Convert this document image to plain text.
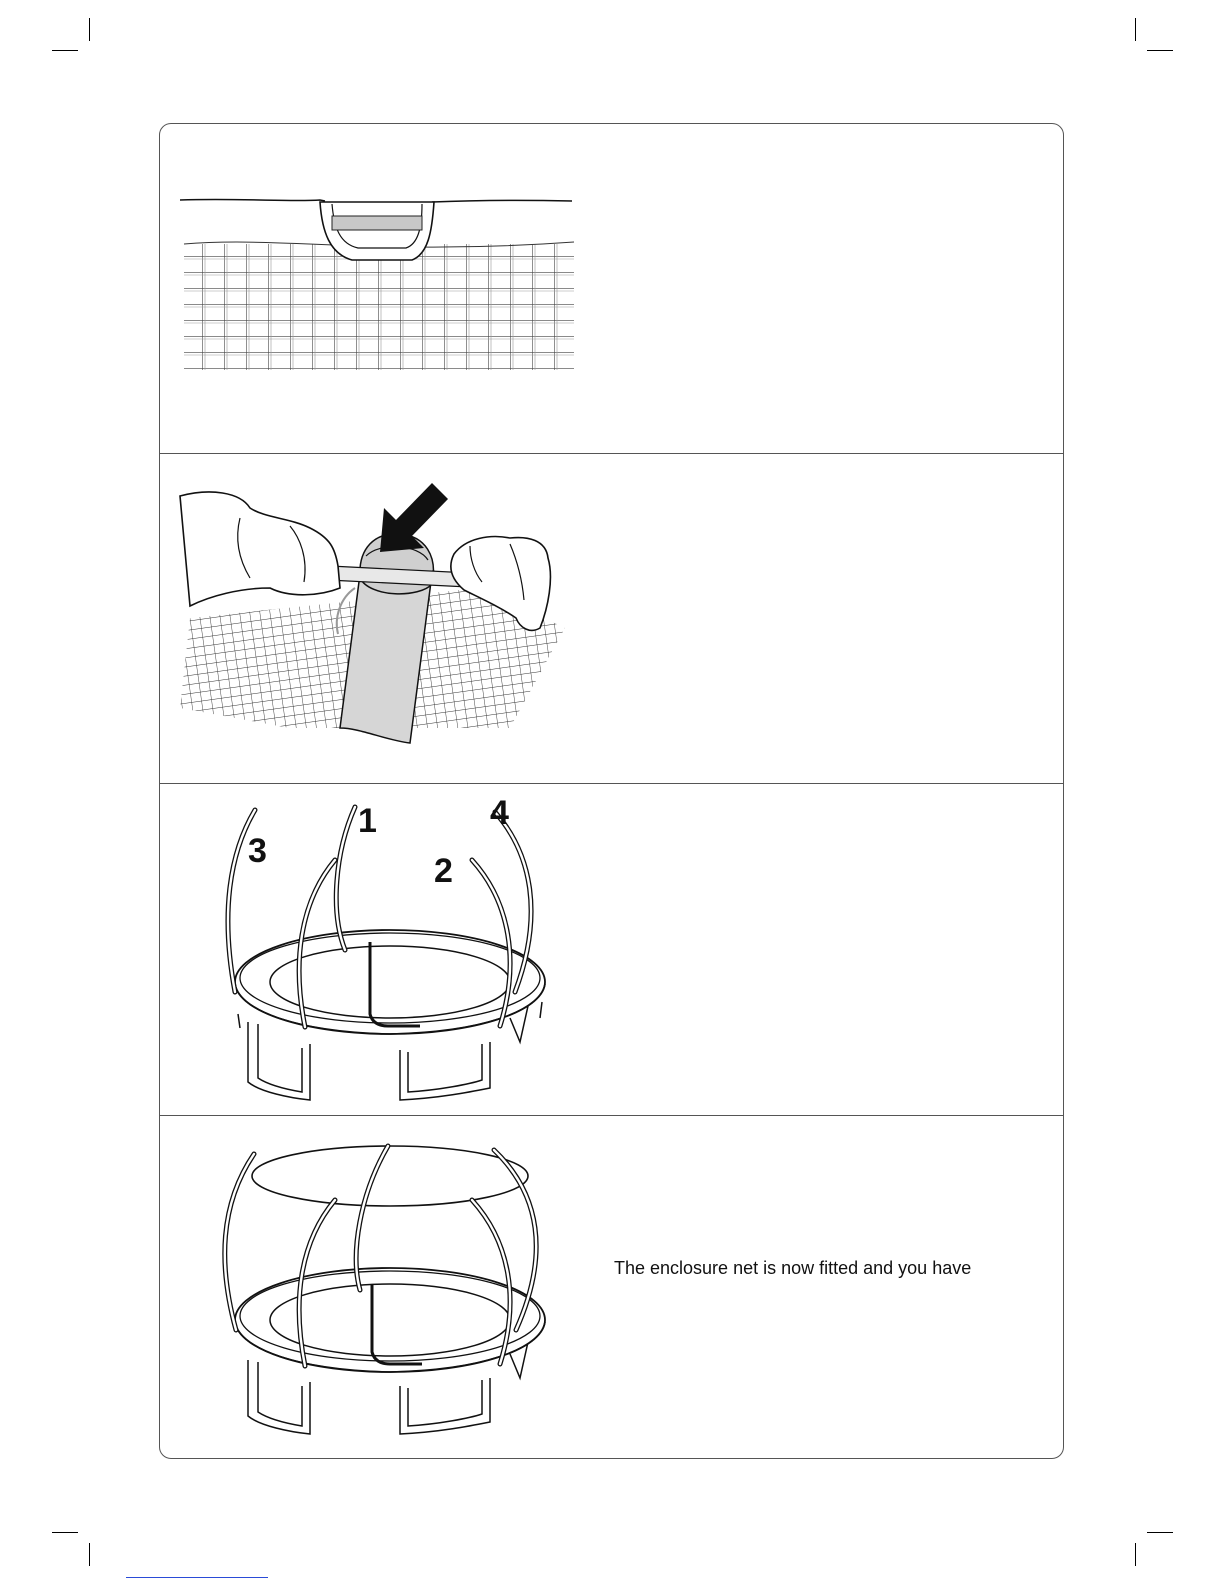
3
1
2
4
The enclosure net is now fitted and you have
